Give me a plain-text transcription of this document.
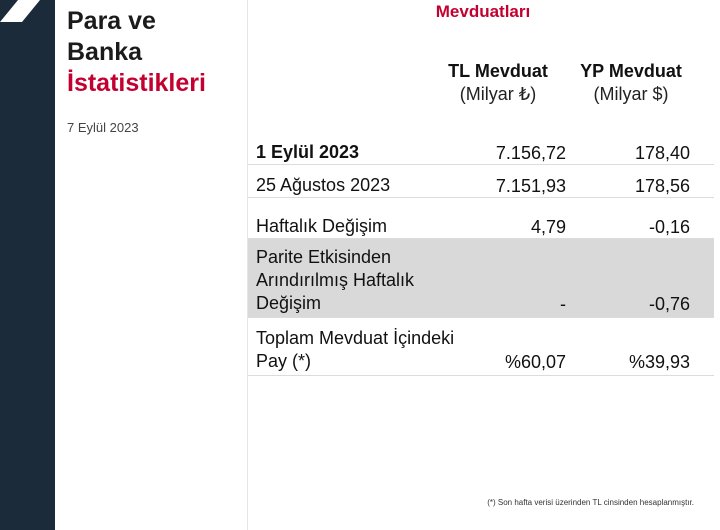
Para ve
Banka
İstatistikleri
7 Eylül 2023
Mevduatları
TL Mevduat
(Milyar ₺)
YP Mevduat
(Milyar $)
1 Eylül 2023	7.156,72	178,40
25 Ağustos 2023	7.151,93	178,56
Haftalık Değişim	4,79	-0,16
Parite Etkisinden Arındırılmış Haftalık Değişim	-	-0,76
Toplam Mevduat İçindeki Pay (*)	%60,07	%39,93
(*) Son hafta verisi üzerinden TL cinsinden hesaplanmıştır.
